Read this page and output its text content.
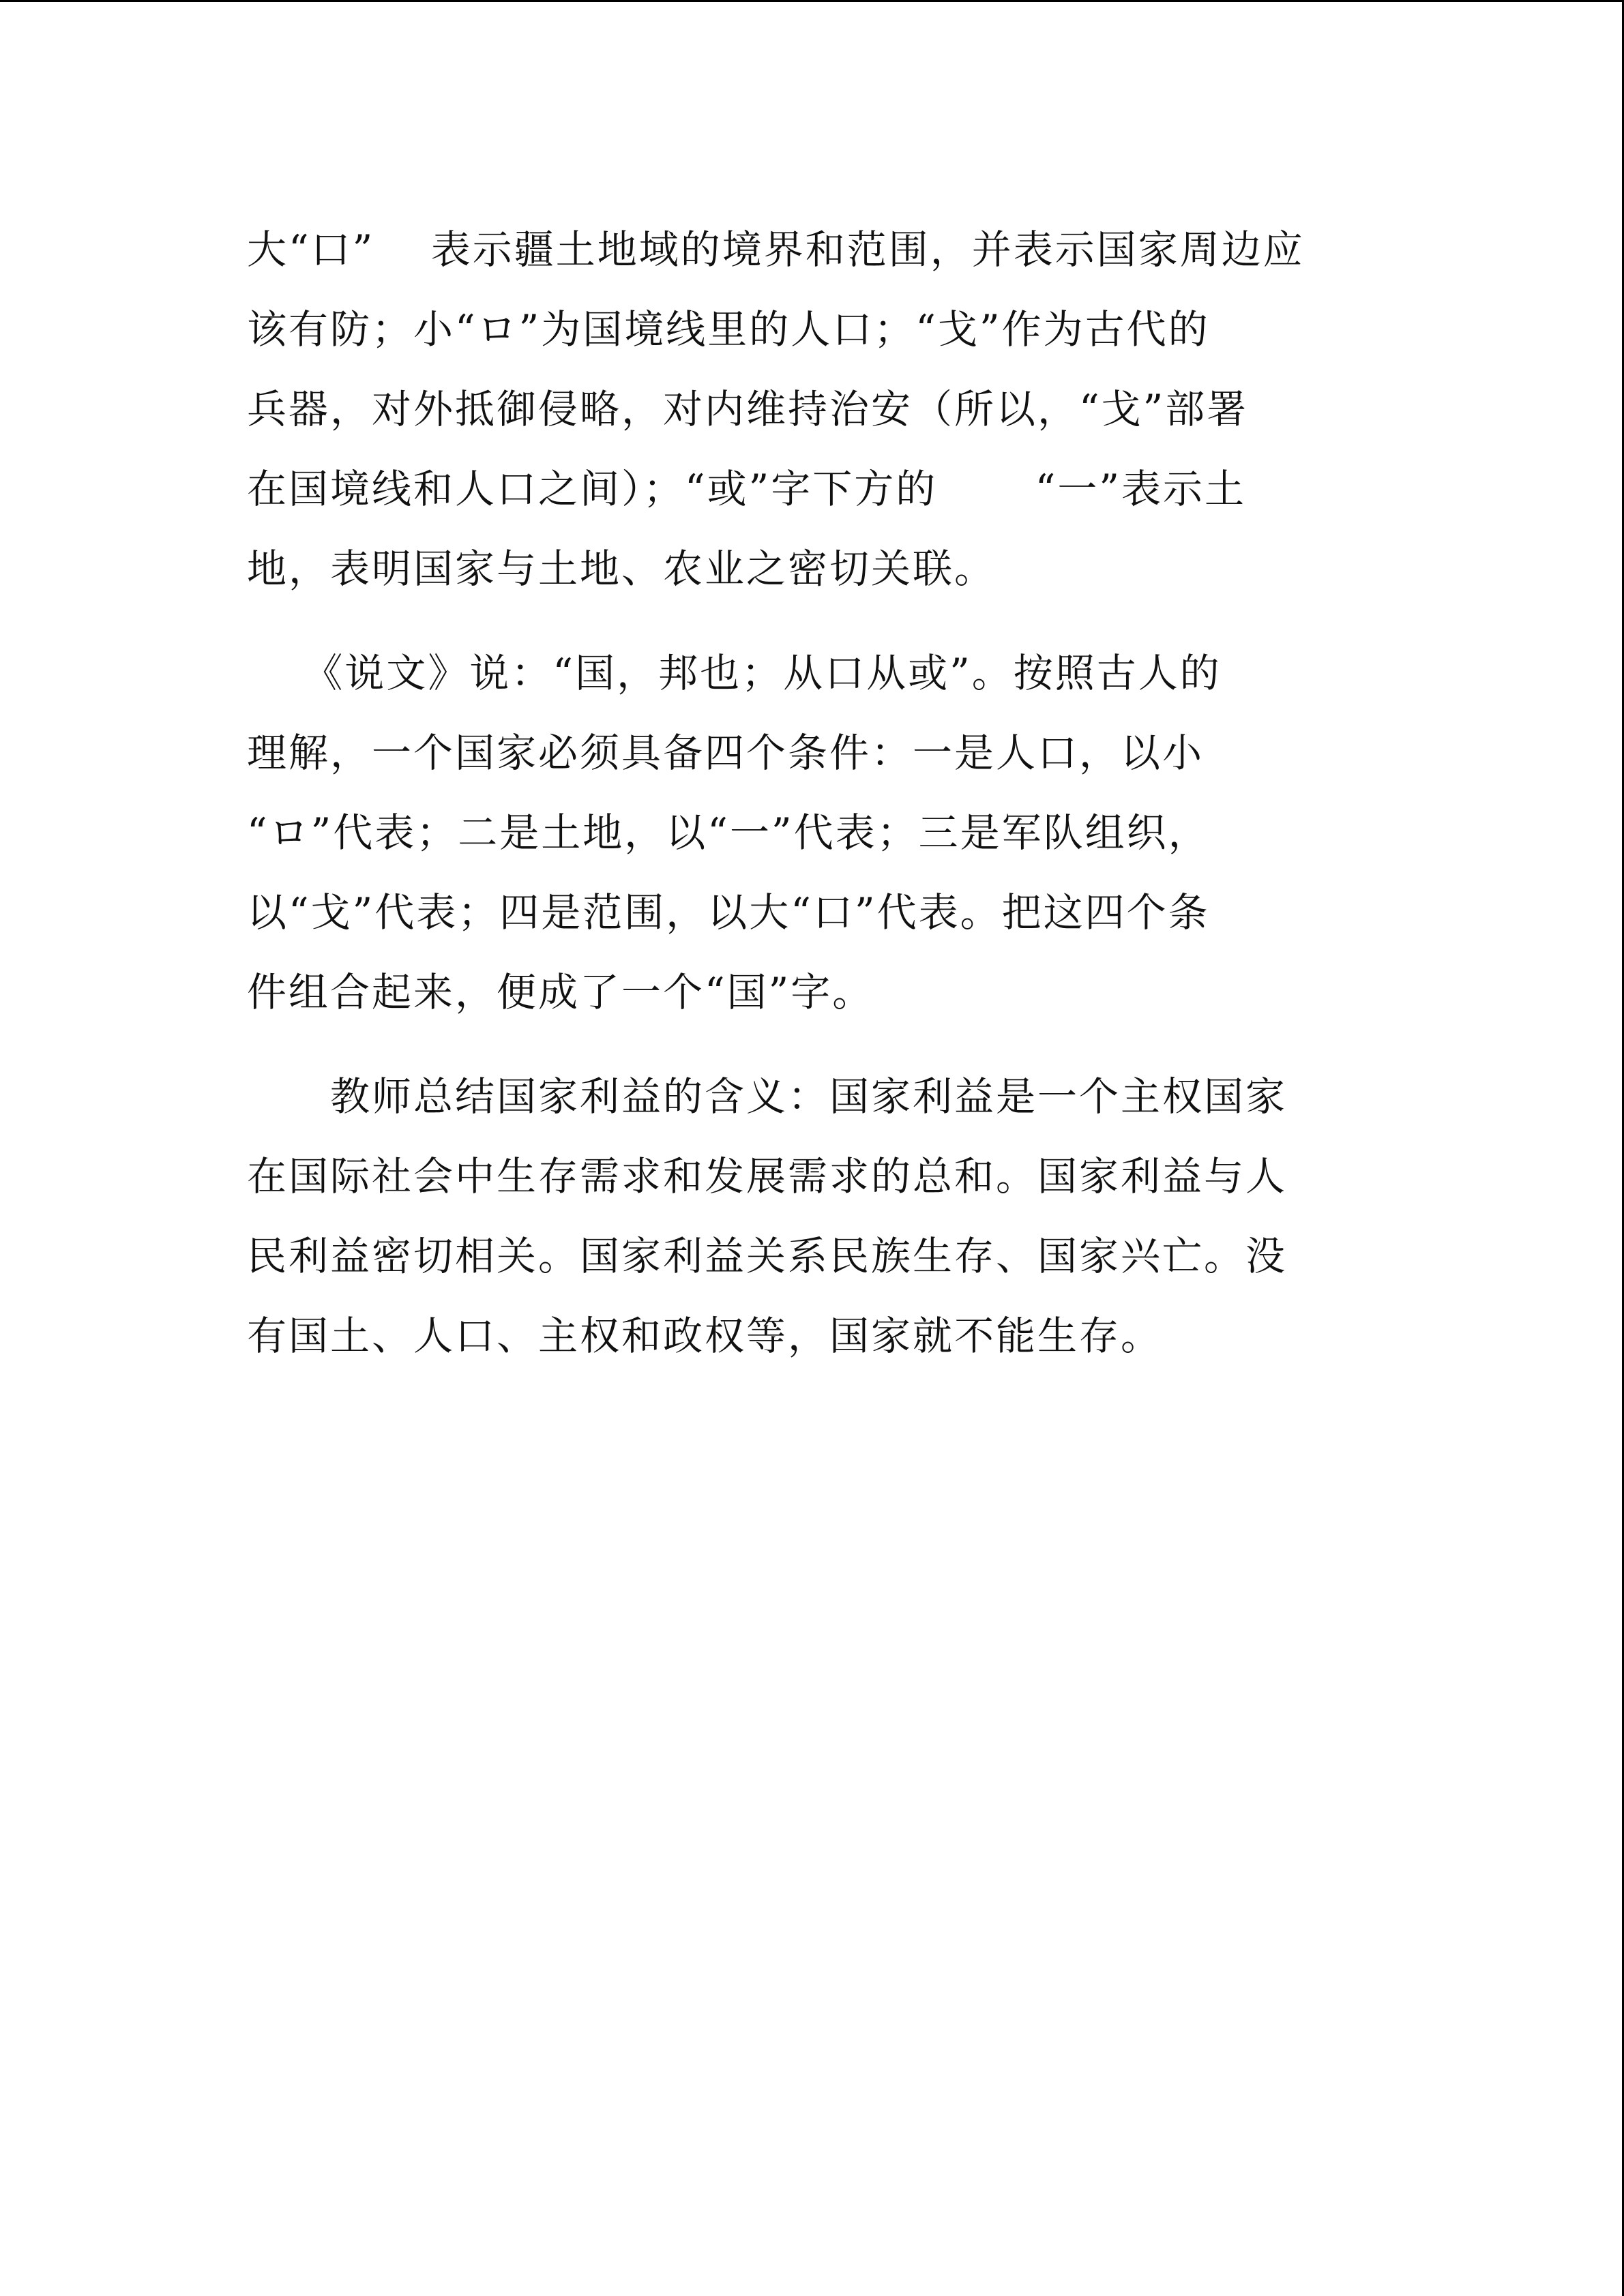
大“口”　 表示疆土地域的境界和范围，并表示国家周边应
该有防；小“ロ”为国境线里的人口；“戈”作为古代的
兵器，对外抵御侵略，对内维持治安（所以，“戈”部署
在国境线和人口之间）；“或”字下方的　　 “一”表示土
地，表明国家与土地、农业之密切关联。
　 《说文》说：“国，邦也；从口从或”。按照古人的
理解，一个国家必须具备四个条件：一是人口，以小
“ロ”代表；二是土地，以“一”代表；三是军队组织，
以“戈”代表；四是范围，以大“口”代表。把这四个条
件组合起来，便成了一个“国”字。
　　教师总结国家利益的含义：国家利益是一个主权国家
在国际社会中生存需求和发展需求的总和。国家利益与人
民利益密切相关。国家利益关系民族生存、国家兴亡。没
有国土、人口、主权和政权等，国家就不能生存。
